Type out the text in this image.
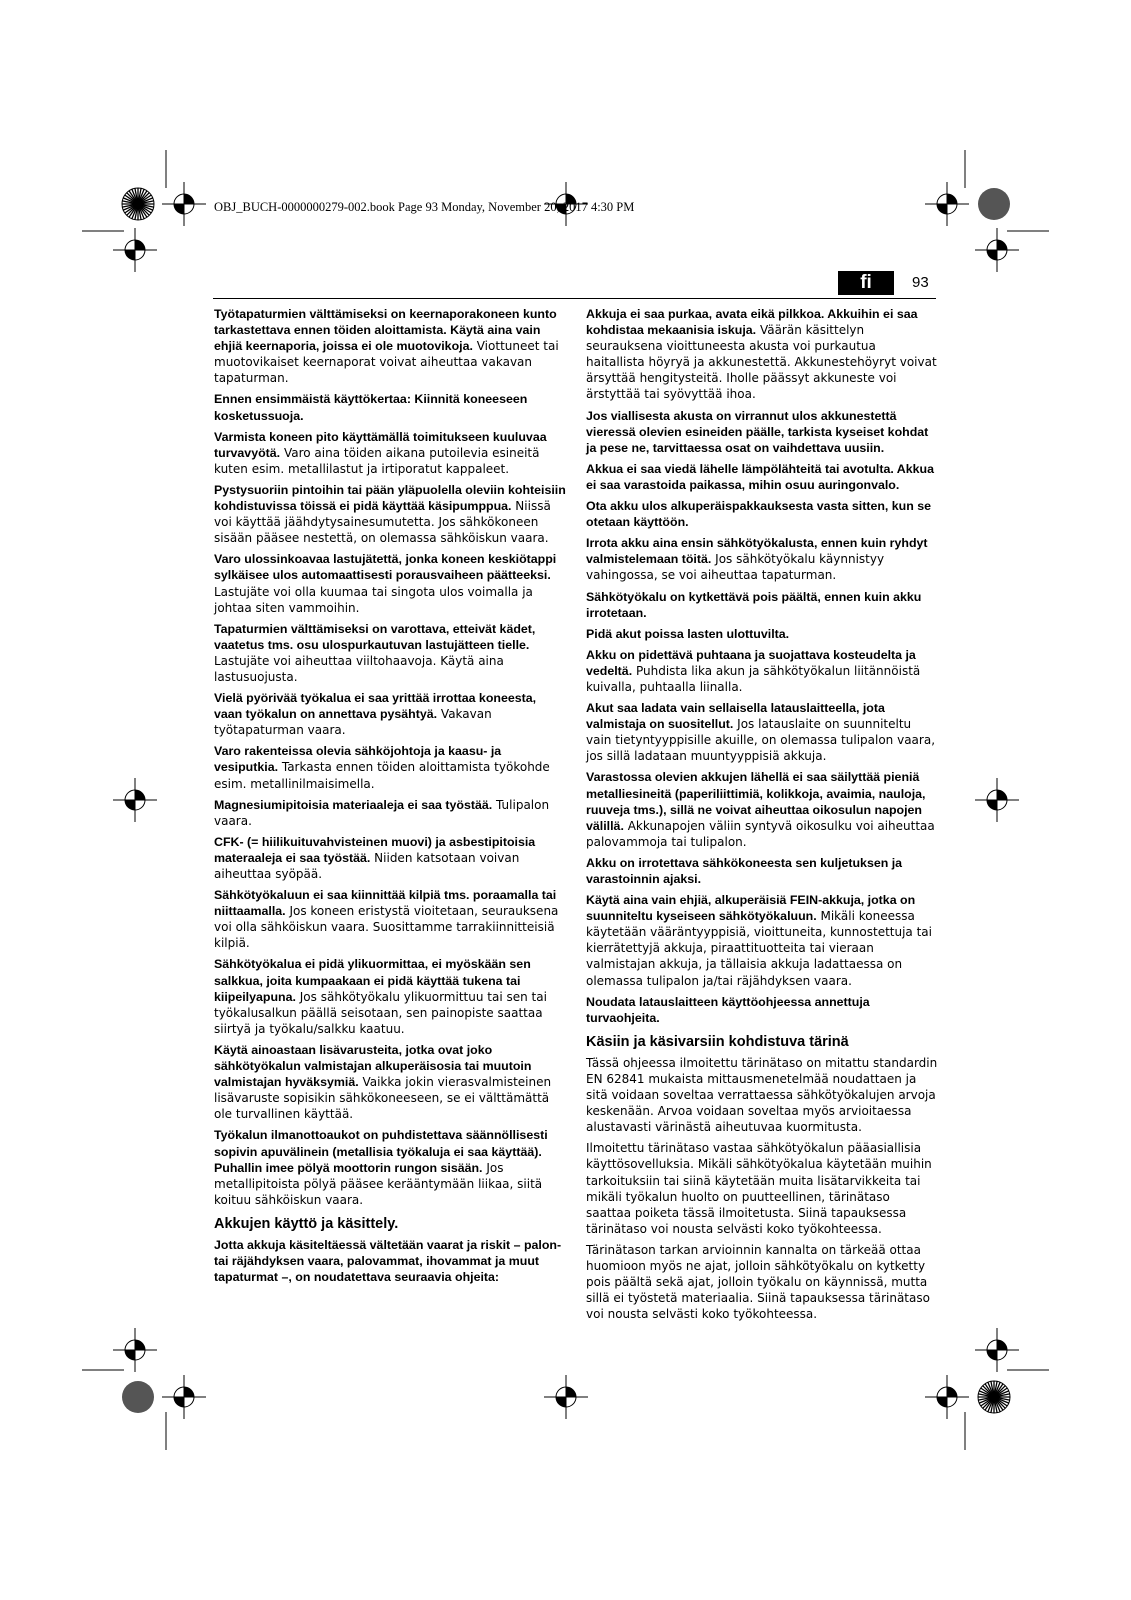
OBJ_BUCH-0000000279-002.book Page 93 Monday, November 20, 2017 4:30 PM
fi	93

Työtapaturmien välttämiseksi on keernaporakoneen kunto tarkastettava ennen töiden aloittamista. Käytä aina vain ehjiä keernaporia, joissa ei ole muotovikoja. Viottuneet tai muotovikaiset keernaporat voivat aiheuttaa vakavan tapaturman.

Ennen ensimmäistä käyttökertaa: Kiinnitä koneeseen kosketussuoja.

Varmista koneen pito käyttämällä toimitukseen kuuluvaa turvavyötä. Varo aina töiden aikana putoilevia esineitä kuten esim. metallilastut ja irtiporatut kappaleet.

Pystysuoriin pintoihin tai pään yläpuolella oleviin kohteisiin kohdistuvissa töissä ei pidä käyttää käsipumppua. Niissä voi käyttää jäähdytysainesumutetta. Jos sähkökoneen sisään pääsee nestettä, on olemassa sähköiskun vaara.

Varo ulossinkoavaa lastujätettä, jonka koneen keskiötappi sylkäisee ulos automaattisesti porausvaiheen päätteeksi. Lastujäte voi olla kuumaa tai singota ulos voimalla ja johtaa siten vammoihin.

Tapaturmien välttämiseksi on varottava, etteivät kädet, vaatetus tms. osu ulospurkautuvan lastujätteen tielle. Lastujäte voi aiheuttaa viiltohaavoja. Käytä aina lastusuojusta.

Vielä pyörivää työkalua ei saa yrittää irrottaa koneesta, vaan työkalun on annettava pysähtyä. Vakavan työtapaturman vaara.

Varo rakenteissa olevia sähköjohtoja ja kaasu- ja vesiputkia. Tarkasta ennen töiden aloittamista työkohde esim. metallinilmaisimella.

Magnesiumipitoisia materiaaleja ei saa työstää. Tulipalon vaara.

CFK- (= hiilikuituvahvisteinen muovi) ja asbestipitoisia materaaleja ei saa työstää. Niiden katsotaan voivan aiheuttaa syöpää.

Sähkötyökaluun ei saa kiinnittää kilpiä tms. poraamalla tai niittaamalla. Jos koneen eristystä vioitetaan, seurauksena voi olla sähköiskun vaara. Suosittamme tarrakiinnitteisiä kilpiä.

Sähkötyökalua ei pidä ylikuormittaa, ei myöskään sen salkkua, joita kumpaakaan ei pidä käyttää tukena tai kiipeilyapuna. Jos sähkötyökalu ylikuormittuu tai sen tai työkalusalkun päällä seisotaan, sen painopiste saattaa siirtyä ja työkalu/salkku kaatuu.

Käytä ainoastaan lisävarusteita, jotka ovat joko sähkötyökalun valmistajan alkuperäisosia tai muutoin valmistajan hyväksymiä. Vaikka jokin vierasvalmisteinen lisävaruste sopisikin sähkökoneeseen, se ei välttämättä ole turvallinen käyttää.

Työkalun ilmanottoaukot on puhdistettava säännöllisesti sopivin apuvälinein (metallisia työkaluja ei saa käyttää). Puhallin imee pölyä moottorin rungon sisään. Jos metallipitoista pölyä pääsee kerääntymään liikaa, siitä koituu sähköiskun vaara.

Akkujen käyttö ja käsittely.

Jotta akkuja käsiteltäessä vältetään vaarat ja riskit – palon- tai räjähdyksen vaara, palovammat, ihovammat ja muut tapaturmat –, on noudatettava seuraavia ohjeita:

Akkuja ei saa purkaa, avata eikä pilkkoa. Akkuihin ei saa kohdistaa mekaanisia iskuja. Väärän käsittelyn seurauksena vioittuneesta akusta voi purkautua haitallista höyryä ja akkunestettä. Akkunestehöyryt voivat ärsyttää hengitysteitä. Iholle päässyt akkuneste voi ärstyttää tai syövyttää ihoa.

Jos viallisesta akusta on virrannut ulos akkunestettä vieressä olevien esineiden päälle, tarkista kyseiset kohdat ja pese ne, tarvittaessa osat on vaihdettava uusiin.

Akkua ei saa viedä lähelle lämpölähteitä tai avotulta. Akkua ei saa varastoida paikassa, mihin osuu auringonvalo.

Ota akku ulos alkuperäispakkauksesta vasta sitten, kun se otetaan käyttöön.

Irrota akku aina ensin sähkötyökalusta, ennen kuin ryhdyt valmistelemaan töitä. Jos sähkötyökalu käynnistyy vahingossa, se voi aiheuttaa tapaturman.

Sähkötyökalu on kytkettävä pois päältä, ennen kuin akku irrotetaan.

Pidä akut poissa lasten ulottuvilta.

Akku on pidettävä puhtaana ja suojattava kosteudelta ja vedeltä. Puhdista lika akun ja sähkötyökalun liitännöistä kuivalla, puhtaalla liinalla.

Akut saa ladata vain sellaisella latauslaitteella, jota valmistaja on suositellut. Jos latauslaite on suunniteltu vain tietyntyyppisille akuille, on olemassa tulipalon vaara, jos sillä ladataan muuntyyppisiä akkuja.

Varastossa olevien akkujen lähellä ei saa säilyttää pieniä metalliesineitä (paperiliittimiä, kolikkoja, avaimia, nauloja, ruuveja tms.), sillä ne voivat aiheuttaa oikosulun napojen välillä. Akkunapojen väliin syntyvä oikosulku voi aiheuttaa palovammoja tai tulipalon.

Akku on irrotettava sähkökoneesta sen kuljetuksen ja varastoinnin ajaksi.

Käytä aina vain ehjiä, alkuperäisiä FEIN-akkuja, jotka on suunniteltu kyseiseen sähkötyökaluun. Mikäli koneessa käytetään vääräntyyppisiä, vioittuneita, kunnostettuja tai kierrätettyjä akkuja, piraattituotteita tai vieraan valmistajan akkuja, ja tällaisia akkuja ladattaessa on olemassa tulipalon ja/tai räjähdyksen vaara.

Noudata latauslaitteen käyttöohjeessa annettuja turvaohjeita.

Käsiin ja käsivarsiin kohdistuva tärinä

Tässä ohjeessa ilmoitettu tärinätaso on mitattu standardin EN 62841 mukaista mittausmenetelmää noudattaen ja sitä voidaan soveltaa verrattaessa sähkötyökalujen arvoja keskenään. Arvoa voidaan soveltaa myös arvioitaessa alustavasti värinästä aiheutuvaa kuormitusta.

Ilmoitettu tärinätaso vastaa sähkötyökalun pääasiallisia käyttösovelluksia. Mikäli sähkötyökalua käytetään muihin tarkoituksiin tai siinä käytetään muita lisätarvikkeita tai mikäli työkalun huolto on puutteellinen, tärinätaso saattaa poiketa tässä ilmoitetusta. Siinä tapauksessa tärinätaso voi nousta selvästi koko työkohteessa.

Tärinätason tarkan arvioinnin kannalta on tärkeää ottaa huomioon myös ne ajat, jolloin sähkötyökalu on kytketty pois päältä sekä ajat, jolloin työkalu on käynnissä, mutta sillä ei työstetä materiaalia. Siinä tapauksessa tärinätaso voi nousta selvästi koko työkohteessa.
